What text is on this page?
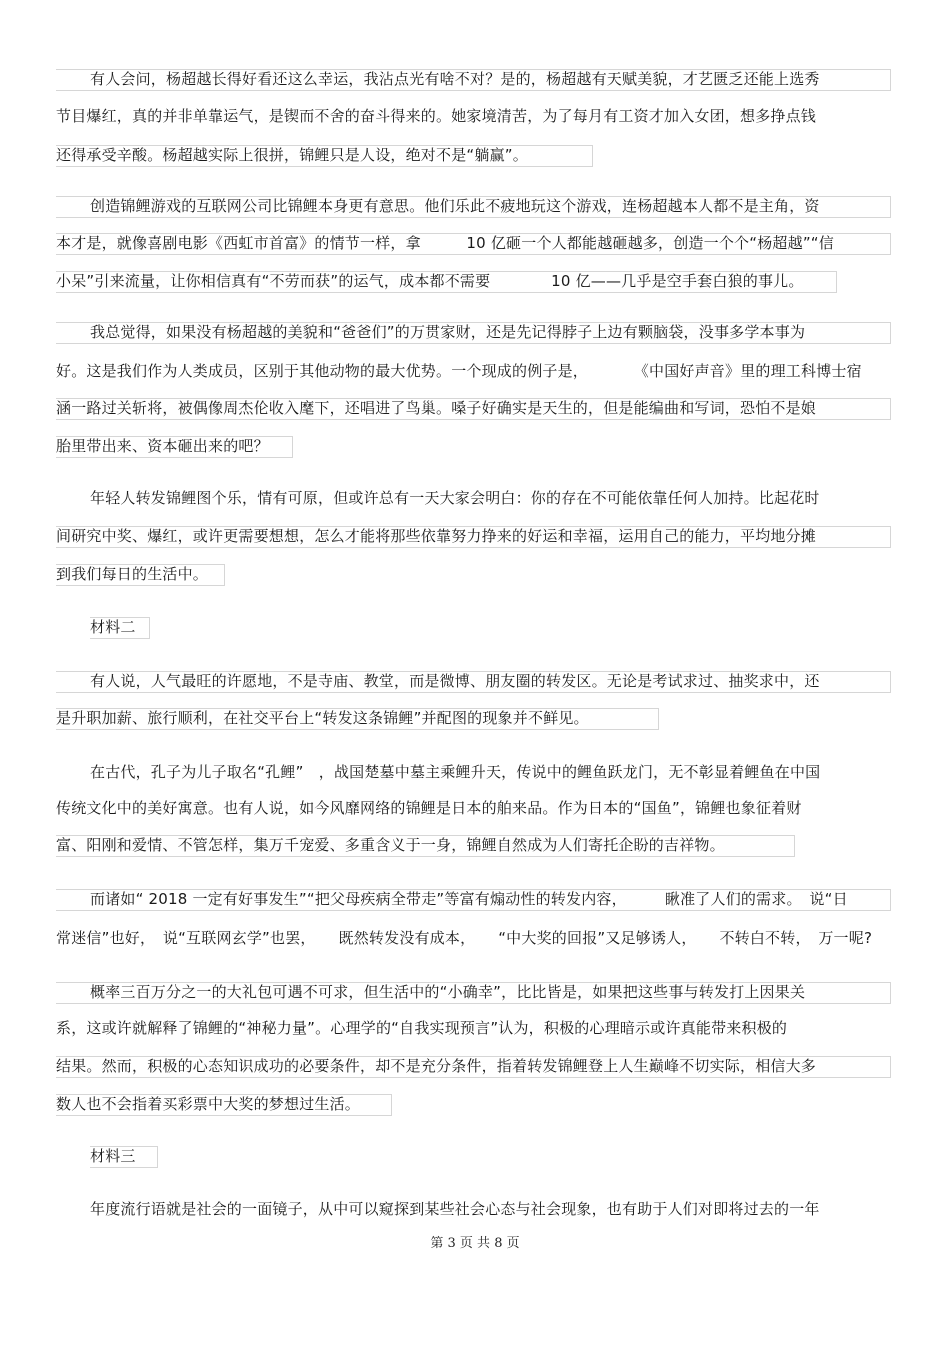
有人会问，杨超越长得好看还这么幸运，我沾点光有啥不对？是的，杨超越有天赋美貌，才艺匮乏还能上选秀
节目爆红，真的并非单靠运气，是锲而不舍的奋斗得来的。她家境清苦，为了每月有工资才加入女团，想多挣点钱
还得承受辛酸。杨超越实际上很拼，锦鲤只是人设，绝对不是“躺赢”。
创造锦鲤游戏的互联网公司比锦鲤本身更有意思。他们乐此不疲地玩这个游戏，连杨超越本人都不是主角，资
本才是，就像喜剧电影《西虹市首富》的情节一样，拿　　　10 亿砸一个人都能越砸越多，创造一个个“杨超越”“信
小呆”引来流量，让你相信真有“不劳而获”的运气，成本都不需要　　　　10 亿——几乎是空手套白狼的事儿。
我总觉得，如果没有杨超越的美貌和“爸爸们”的万贯家财，还是先记得脖子上边有颗脑袋，没事多学本事为
好。这是我们作为人类成员，区别于其他动物的最大优势。一个现成的例子是，　　　　《中国好声音》里的理工科博士宿
涵一路过关斩将，被偶像周杰伦收入麾下，还唱进了鸟巢。嗓子好确实是天生的，但是能编曲和写词，恐怕不是娘
胎里带出来、资本砸出来的吧？
年轻人转发锦鲤图个乐，情有可原，但或许总有一天大家会明白：你的存在不可能依靠任何人加持。比起花时
间研究中奖、爆红，或许更需要想想，怎么才能将那些依靠努力挣来的好运和幸福，运用自己的能力，平均地分摊
到我们每日的生活中。
材料二
有人说，人气最旺的许愿地，不是寺庙、教堂，而是微博、朋友圈的转发区。无论是考试求过、抽奖求中，还
是升职加薪、旅行顺利，在社交平台上“转发这条锦鲤”并配图的现象并不鲜见。
在古代，孔子为儿子取名“孔鲤”　，战国楚墓中墓主乘鲤升天，传说中的鲤鱼跃龙门，无不彰显着鲤鱼在中国
传统文化中的美好寓意。也有人说，如今风靡网络的锦鲤是日本的舶来品。作为日本的“国鱼”，锦鲤也象征着财
富、阳刚和爱情、不管怎样，集万千宠爱、多重含义于一身，锦鲤自然成为人们寄托企盼的吉祥物。
而诸如“ 2018 一定有好事发生”“把父母疾病全带走”等富有煽动性的转发内容，　　　瞅准了人们的需求。　说“日
常迷信”也好，　说“互联网玄学”也罢，　　既然转发没有成本，　　“中大奖的回报”又足够诱人，　　不转白不转，　万一呢?
概率三百万分之一的大礼包可遇不可求，但生活中的“小确幸”，比比皆是，如果把这些事与转发打上因果关
系，这或许就解释了锦鲤的“神秘力量”。心理学的“自我实现预言”认为，积极的心理暗示或许真能带来积极的
结果。然而，积极的心态知识成功的必要条件，却不是充分条件，指着转发锦鲤登上人生巅峰不切实际，相信大多
数人也不会指着买彩票中大奖的梦想过生活。
材料三
年度流行语就是社会的一面镜子，从中可以窥探到某些社会心态与社会现象，也有助于人们对即将过去的一年
第 3 页 共 8 页
